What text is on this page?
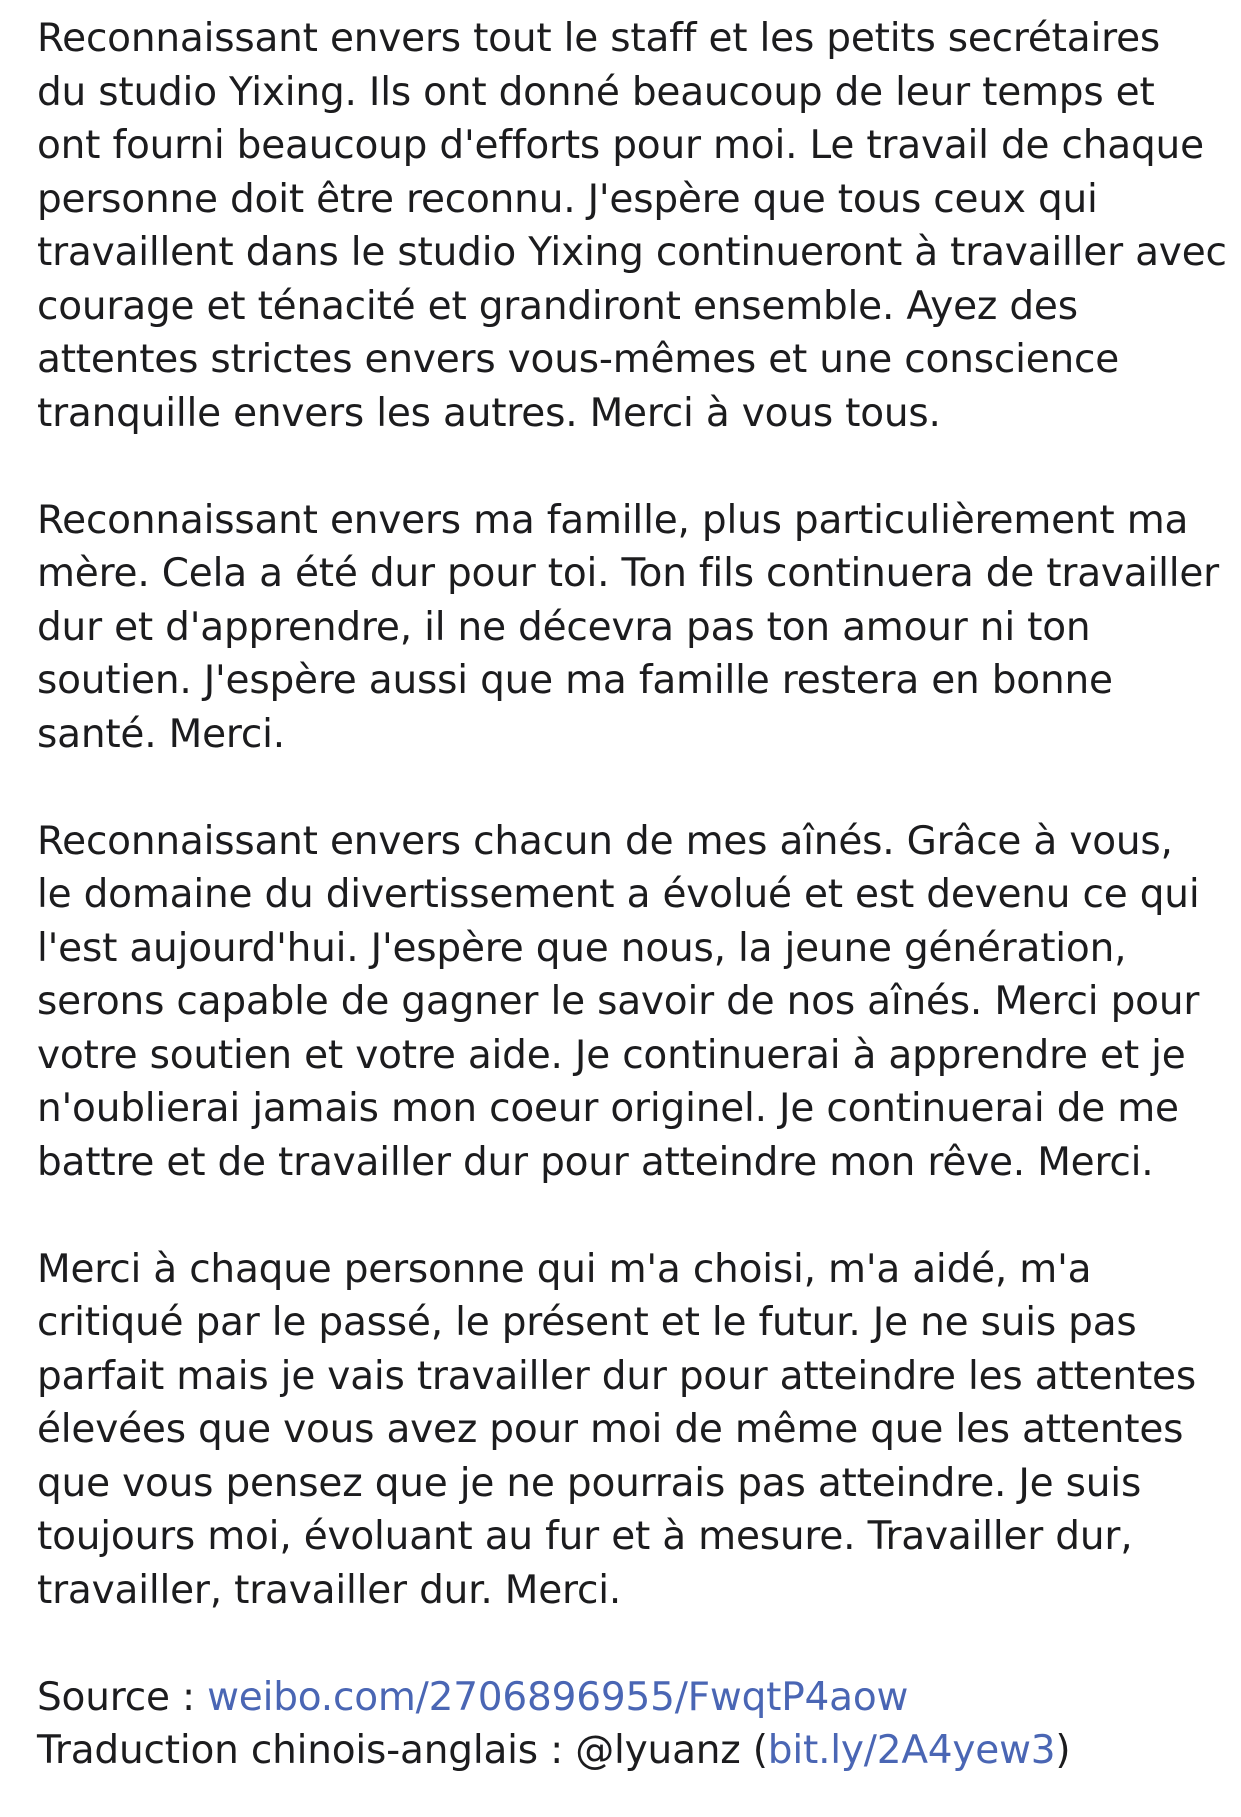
Reconnaissant envers tout le staff et les petits secrétaires
du studio Yixing. Ils ont donné beaucoup de leur temps et
ont fourni beaucoup d'efforts pour moi. Le travail de chaque
personne doit être reconnu. J'espère que tous ceux qui
travaillent dans le studio Yixing continueront à travailler avec
courage et ténacité et grandiront ensemble. Ayez des
attentes strictes envers vous-mêmes et une conscience
tranquille envers les autres. Merci à vous tous.
Reconnaissant envers ma famille, plus particulièrement ma
mère. Cela a été dur pour toi. Ton fils continuera de travailler
dur et d'apprendre, il ne décevra pas ton amour ni ton
soutien. J'espère aussi que ma famille restera en bonne
santé. Merci.
Reconnaissant envers chacun de mes aînés. Grâce à vous,
le domaine du divertissement a évolué et est devenu ce qui
l'est aujourd'hui. J'espère que nous, la jeune génération,
serons capable de gagner le savoir de nos aînés. Merci pour
votre soutien et votre aide. Je continuerai à apprendre et je
n'oublierai jamais mon coeur originel. Je continuerai de me
battre et de travailler dur pour atteindre mon rêve. Merci.
Merci à chaque personne qui m'a choisi, m'a aidé, m'a
critiqué par le passé, le présent et le futur. Je ne suis pas
parfait mais je vais travailler dur pour atteindre les attentes
élevées que vous avez pour moi de même que les attentes
que vous pensez que je ne pourrais pas atteindre. Je suis
toujours moi, évoluant au fur et à mesure. Travailler dur,
travailler, travailler dur. Merci.
Source : weibo.com/2706896955/FwqtP4aow
Traduction chinois-anglais : @lyuanz (bit.ly/2A4yew3)
